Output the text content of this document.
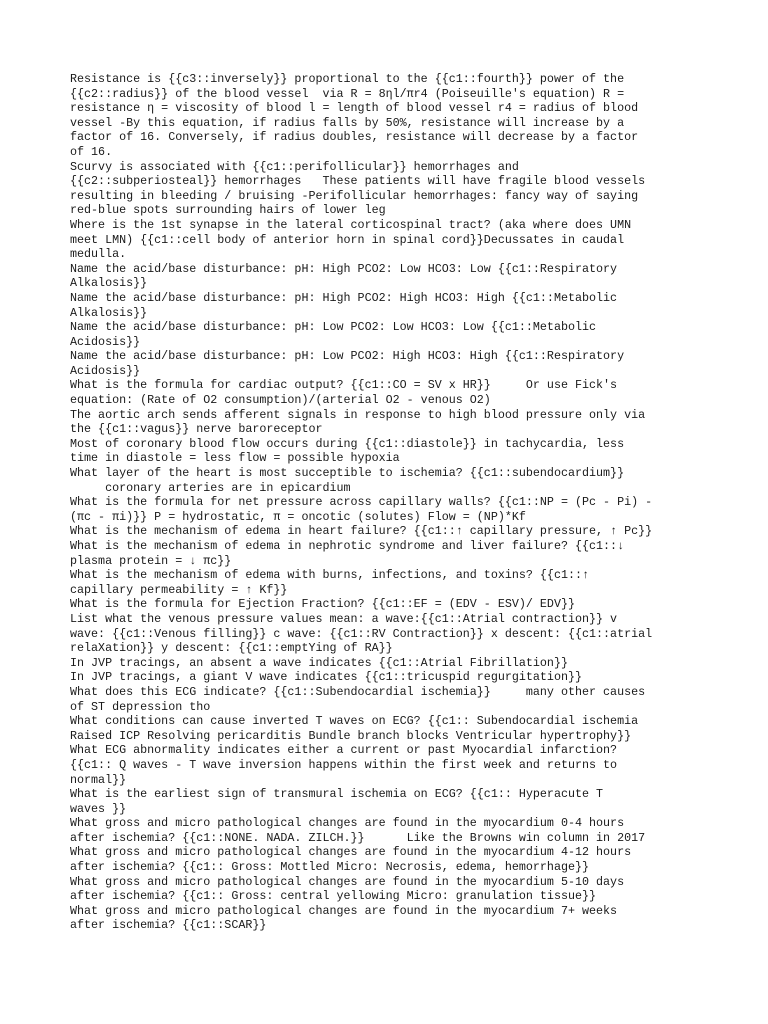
Resistance is {{c3::inversely}} proportional to the {{c1::fourth}} power of the
{{c2::radius}} of the blood vessel  via R = 8ηl/πr4 (Poiseuille's equation) R =
resistance η = viscosity of blood l = length of blood vessel r4 = radius of blood
vessel -By this equation, if radius falls by 50%, resistance will increase by a
factor of 16. Conversely, if radius doubles, resistance will decrease by a factor
of 16.
Scurvy is associated with {{c1::perifollicular}} hemorrhages and
{{c2::subperiosteal}} hemorrhages   These patients will have fragile blood vessels
resulting in bleeding / bruising -Perifollicular hemorrhages: fancy way of saying
red-blue spots surrounding hairs of lower leg
Where is the 1st synapse in the lateral corticospinal tract? (aka where does UMN
meet LMN) {{c1::cell body of anterior horn in spinal cord}}Decussates in caudal
medulla.
Name the acid/base disturbance: pH: High PCO2: Low HCO3: Low {{c1::Respiratory
Alkalosis}}
Name the acid/base disturbance: pH: High PCO2: High HCO3: High {{c1::Metabolic
Alkalosis}}
Name the acid/base disturbance: pH: Low PCO2: Low HCO3: Low {{c1::Metabolic
Acidosis}}
Name the acid/base disturbance: pH: Low PCO2: High HCO3: High {{c1::Respiratory
Acidosis}}
What is the formula for cardiac output? {{c1::CO = SV x HR}}     Or use Fick's
equation: (Rate of O2 consumption)/(arterial O2 - venous O2)
The aortic arch sends afferent signals in response to high blood pressure only via
the {{c1::vagus}} nerve baroreceptor
Most of coronary blood flow occurs during {{c1::diastole}} in tachycardia, less
time in diastole = less flow = possible hypoxia
What layer of the heart is most succeptible to ischemia? {{c1::subendocardium}}
coronary arteries are in epicardium
What is the formula for net pressure across capillary walls? {{c1::NP = (Pc - Pi) -
(πc - πi)}} P = hydrostatic, π = oncotic (solutes) Flow = (NP)*Kf
What is the mechanism of edema in heart failure? {{c1::↑ capillary pressure, ↑ Pc}}
What is the mechanism of edema in nephrotic syndrome and liver failure? {{c1::↓
plasma protein = ↓ πc}}
What is the mechanism of edema with burns, infections, and toxins? {{c1::↑
capillary permeability = ↑ Kf}}
What is the formula for Ejection Fraction? {{c1::EF = (EDV - ESV)/ EDV}}
List what the venous pressure values mean: a wave:{{c1::Atrial contraction}} v
wave: {{c1::Venous filling}} c wave: {{c1::RV Contraction}} x descent: {{c1::atrial
relaXation}} y descent: {{c1::emptYing of RA}}
In JVP tracings, an absent a wave indicates {{c1::Atrial Fibrillation}}
In JVP tracings, a giant V wave indicates {{c1::tricuspid regurgitation}}
What does this ECG indicate? {{c1::Subendocardial ischemia}}     many other causes
of ST depression tho
What conditions can cause inverted T waves on ECG? {{c1:: Subendocardial ischemia
Raised ICP Resolving pericarditis Bundle branch blocks Ventricular hypertrophy}}
What ECG abnormality indicates either a current or past Myocardial infarction?
{{c1:: Q waves - T wave inversion happens within the first week and returns to
normal}}
What is the earliest sign of transmural ischemia on ECG? {{c1:: Hyperacute T
waves }}
What gross and micro pathological changes are found in the myocardium 0-4 hours
after ischemia? {{c1::NONE. NADA. ZILCH.}}      Like the Browns win column in 2017
What gross and micro pathological changes are found in the myocardium 4-12 hours
after ischemia? {{c1:: Gross: Mottled Micro: Necrosis, edema, hemorrhage}}
What gross and micro pathological changes are found in the myocardium 5-10 days
after ischemia? {{c1:: Gross: central yellowing Micro: granulation tissue}}
What gross and micro pathological changes are found in the myocardium 7+ weeks
after ischemia? {{c1::SCAR}}
